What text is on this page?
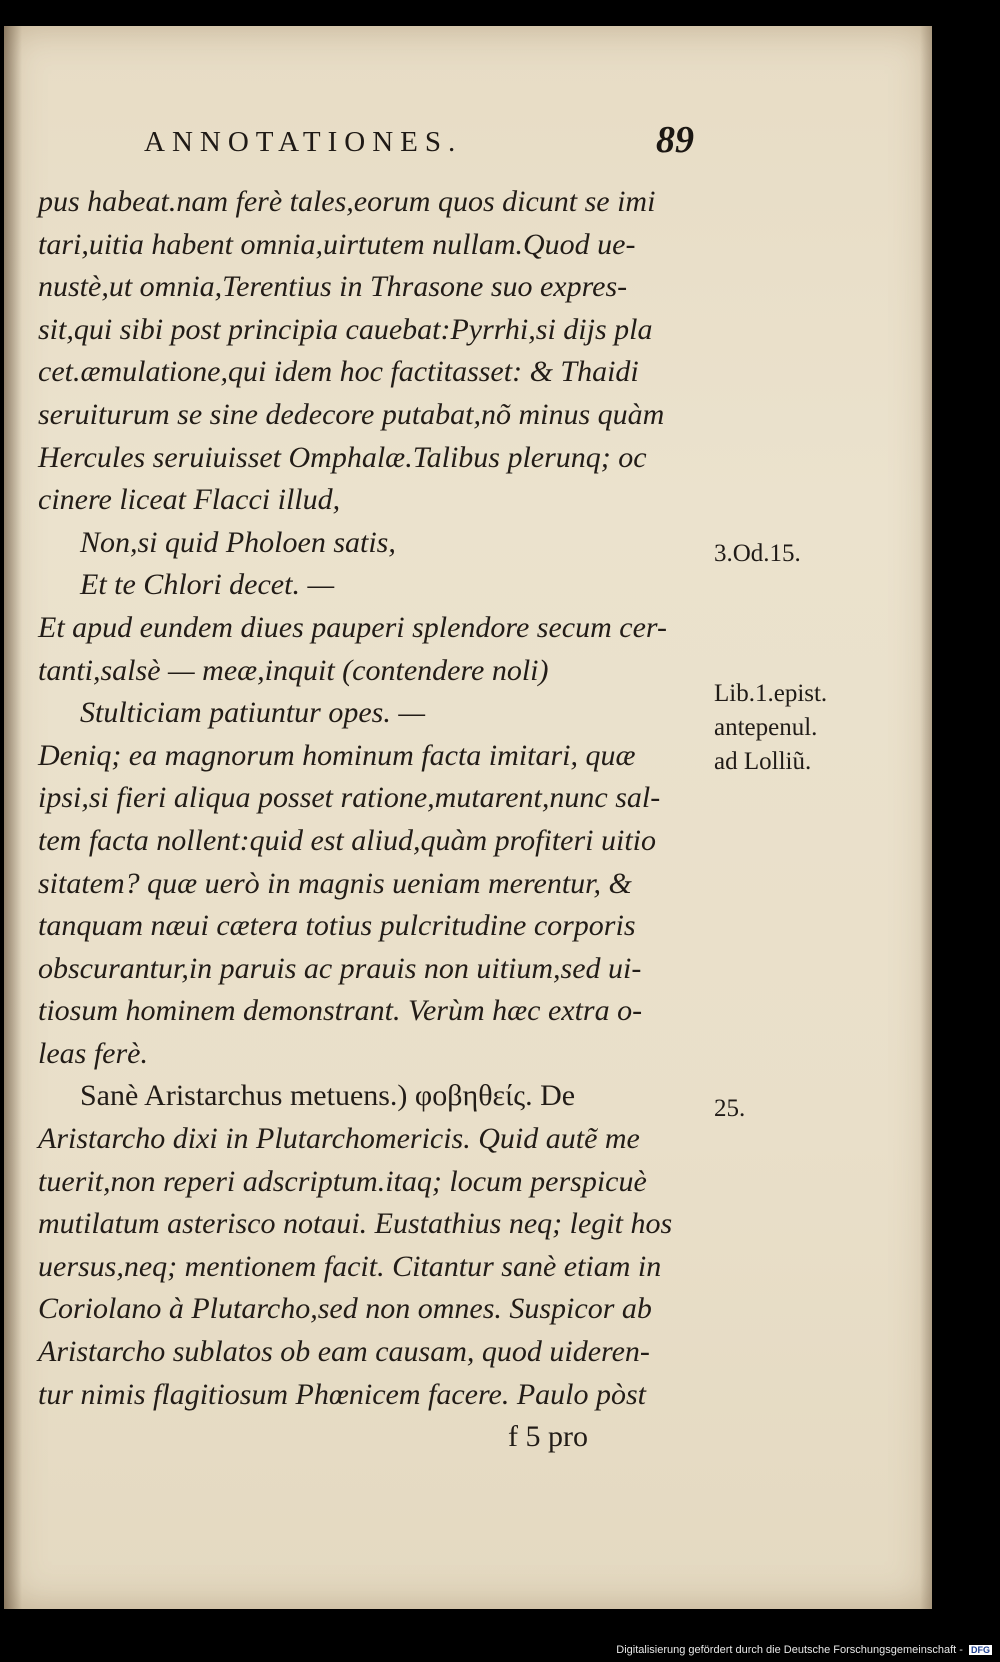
ANNOTATIONES.	89
pus habeat.nam ferè tales,eorum quos dicunt se imi
tari,uitia habent omnia,uirtutem nullam.Quod ue-
nustè,ut omnia,Terentius in Thrasone suo expres-
sit,qui sibi post principia cauebat:Pyrrhi,si dijs pla
cet.æmulatione,qui idem hoc factitasset: & Thaidi
seruiturum se sine dedecore putabat,nõ minus quàm
Hercules seruiuisset Omphalæ.Talibus plerunq; oc
cinere liceat Flacci illud,
Non,si quid Pholoen satis,
Et te Chlori decet. —
Et apud eundem diues pauperi splendore secum cer-
tanti,salsè — meæ,inquit (contendere noli)
Stulticiam patiuntur opes. —
Deniq; ea magnorum hominum facta imitari, quæ
ipsi,si fieri aliqua posset ratione,mutarent,nunc sal-
tem facta nollent:quid est aliud,quàm profiteri uitio
sitatem? quæ uerò in magnis ueniam merentur, &
tanquam næui cætera totius pulcritudine corporis
obscurantur,in paruis ac prauis non uitium,sed ui-
tiosum hominem demonstrant. Verùm hæc extra o-
leas ferè.
Sanè Aristarchus metuens.) φοβηθείς. De
Aristarcho dixi in Plutarchomericis. Quid autẽ me
tuerit,non reperi adscriptum.itaq; locum perspicuè
mutilatum asterisco notaui. Eustathius neq; legit hos
uersus,neq; mentionem facit. Citantur sanè etiam in
Coriolano à Plutarcho,sed non omnes. Suspicor ab
Aristarcho sublatos ob eam causam, quod uideren-
tur nimis flagitiosum Phœnicem facere. Paulo pòst
f 5 pro
3.Od.15.
Lib.1.epist.
antepenul.
ad Lolliũ.
25.
Digitalisierung gefördert durch die Deutsche Forschungsgemeinschaft - DFG
